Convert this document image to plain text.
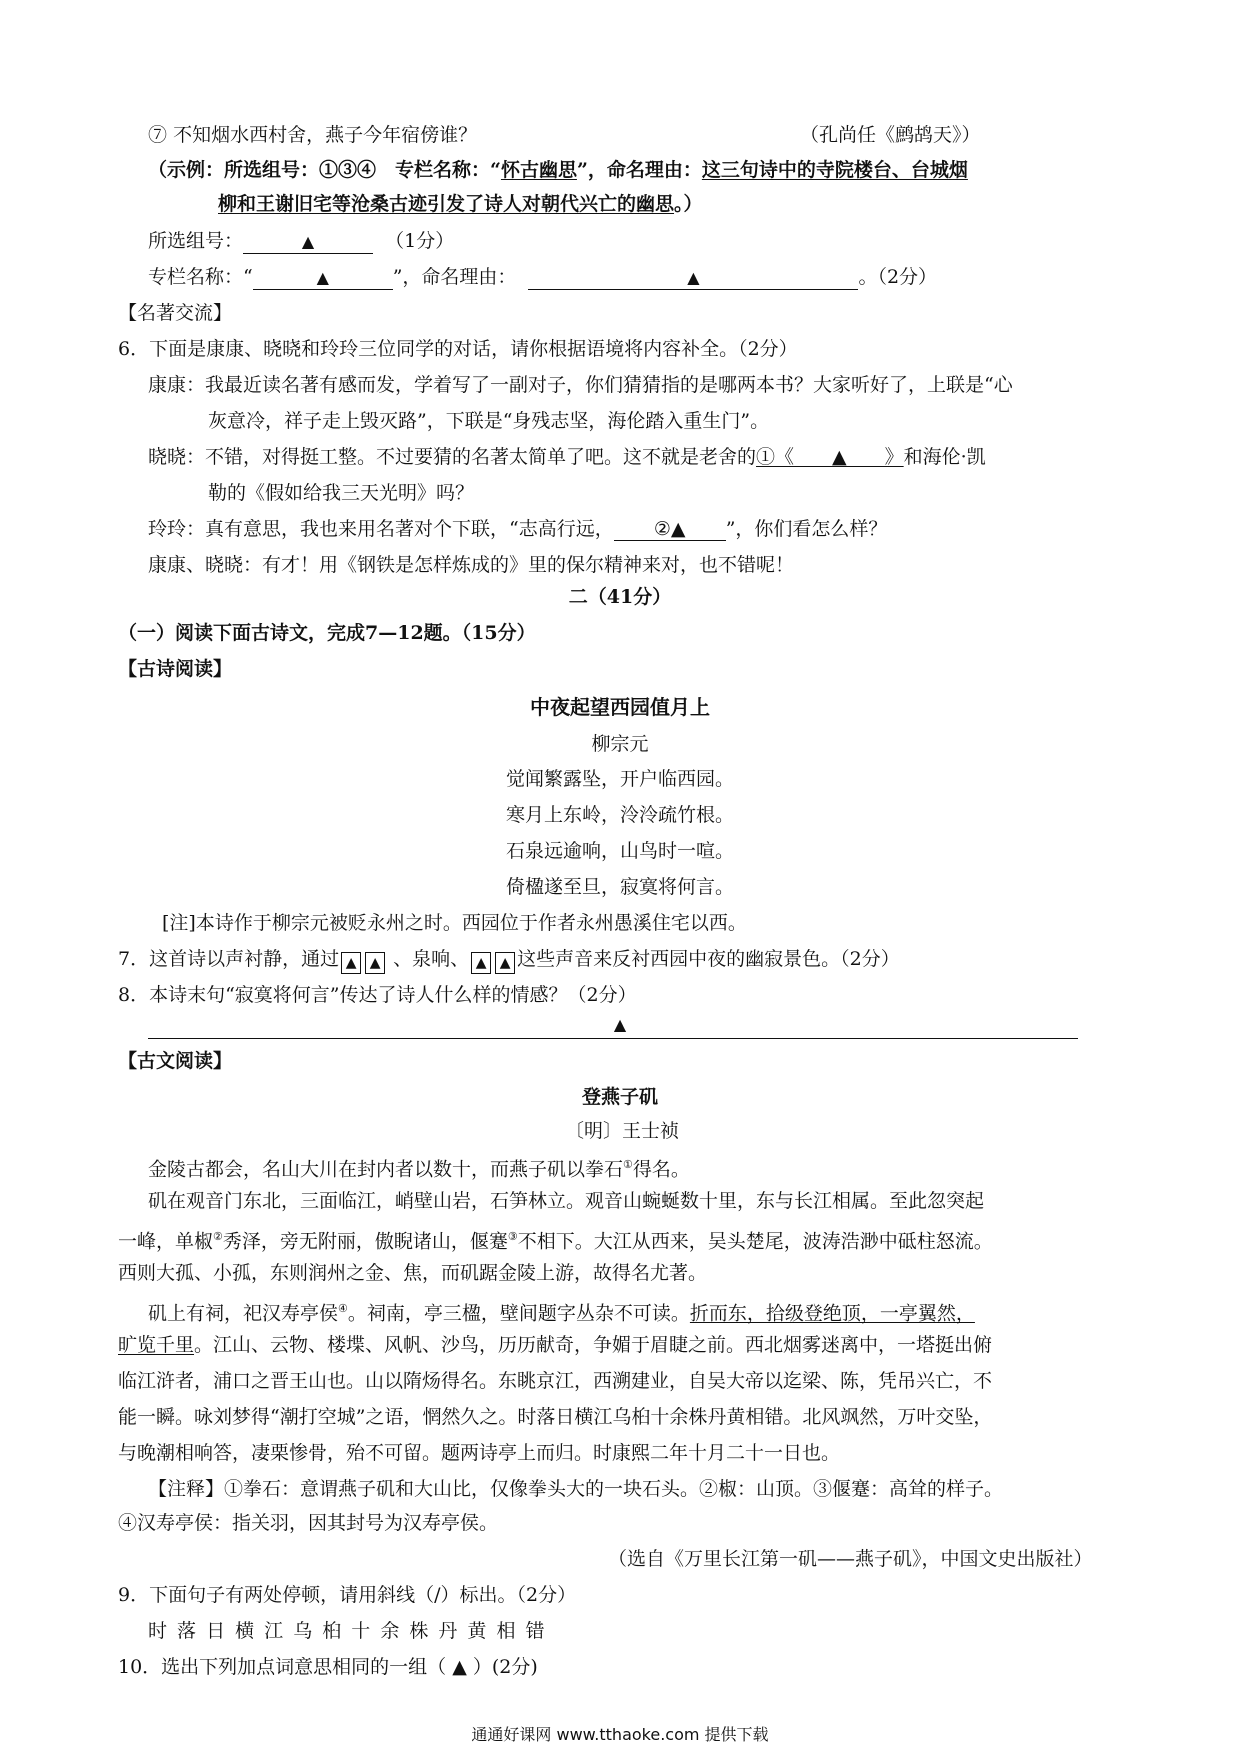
⑦ 不知烟水西村舍，燕子今年宿傍谁？	（孔尚任《鹧鸪天》）
（示例：所选组号：①③④　专栏名称：“怀古幽思”，命名理由：这三句诗中的寺院楼台、台城烟
柳和王谢旧宅等沧桑古迹引发了诗人对朝代兴亡的幽思。）
所选组号：	▲	（1分）
专栏名称：“	▲	”，命名理由：	▲	。（2分）
【名著交流】
6．下面是康康、晓晓和玲玲三位同学的对话，请你根据语境将内容补全。（2分）
康康：我最近读名著有感而发，学着写了一副对子，你们猜猜指的是哪两本书？大家听好了，上联是“心
灰意冷，祥子走上毁灭路”，下联是“身残志坚，海伦踏入重生门”。
晓晓：不错，对得挺工整。不过要猜的名著太简单了吧。这不就是老舍的①《　　▲　　》和海伦·凯
勒的《假如给我三天光明》吗？
玲玲：真有意思，我也来用名著对个下联，“志高行远， ②▲ ”，你们看怎么样？
康康、晓晓：有才！用《钢铁是怎样炼成的》里的保尔精神来对，也不错呢！
二（41分）
（一）阅读下面古诗文，完成7—12题。（15分）
【古诗阅读】
中夜起望西园值月上
柳宗元
觉闻繁露坠，开户临西园。
寒月上东岭，泠泠疏竹根。
石泉远逾响，山鸟时一喧。
倚楹遂至旦，寂寞将何言。
[注]本诗作于柳宗元被贬永州之时。西园位于作者永州愚溪住宅以西。
7．这首诗以声衬静，通过 ▲ ▲ 、泉响、 ▲ ▲ 这些声音来反衬西园中夜的幽寂景色。（2分）
8．本诗末句“寂寞将何言”传达了诗人什么样的情感？（2分）
▲
【古文阅读】
登燕子矶
〔明〕王士祯
金陵古都会，名山大川在封内者以数十，而燕子矶以拳石①得名。
矶在观音门东北，三面临江，峭壁山岩，石笋林立。观音山蜿蜒数十里，东与长江相属。至此忽突起
一峰，单椒②秀泽，旁无附丽，傲睨诸山，偃蹇③不相下。大江从西来，吴头楚尾，波涛浩渺中砥柱怒流。
西则大孤、小孤，东则润州之金、焦，而矶踞金陵上游，故得名尤著。
矶上有祠，祀汉寿亭侯④。祠南，亭三楹，壁间题字丛杂不可读。折而东，拾级登绝顶，一亭翼然，
旷览千里。江山、云物、楼堞、风帆、沙鸟，历历献奇，争媚于眉睫之前。西北烟雾迷离中，一塔挺出俯
临江浒者，浦口之晋王山也。山以隋炀得名。东眺京江，西溯建业，自吴大帝以迄梁、陈，凭吊兴亡，不
能一瞬。咏刘梦得“潮打空城”之语，惘然久之。时落日横江乌桕十余株丹黄相错。北风飒然，万叶交坠，
与晚潮相响答，凄栗惨骨，殆不可留。题两诗亭上而归。时康熙二年十月二十一日也。
【注释】①拳石：意谓燕子矶和大山比，仅像拳头大的一块石头。②椒：山顶。③偃蹇：高耸的样子。
④汉寿亭侯：指关羽，因其封号为汉寿亭侯。
（选自《万里长江第一矶——燕子矶》，中国文史出版社）
9．下面句子有两处停顿，请用斜线（/）标出。（2分）
时 落 日 横 江 乌 桕 十 余 株 丹 黄 相 错
10．选出下列加点词意思相同的一组（ ▲ ）(2分)
通通好课网 www.tthaoke.com 提供下载
